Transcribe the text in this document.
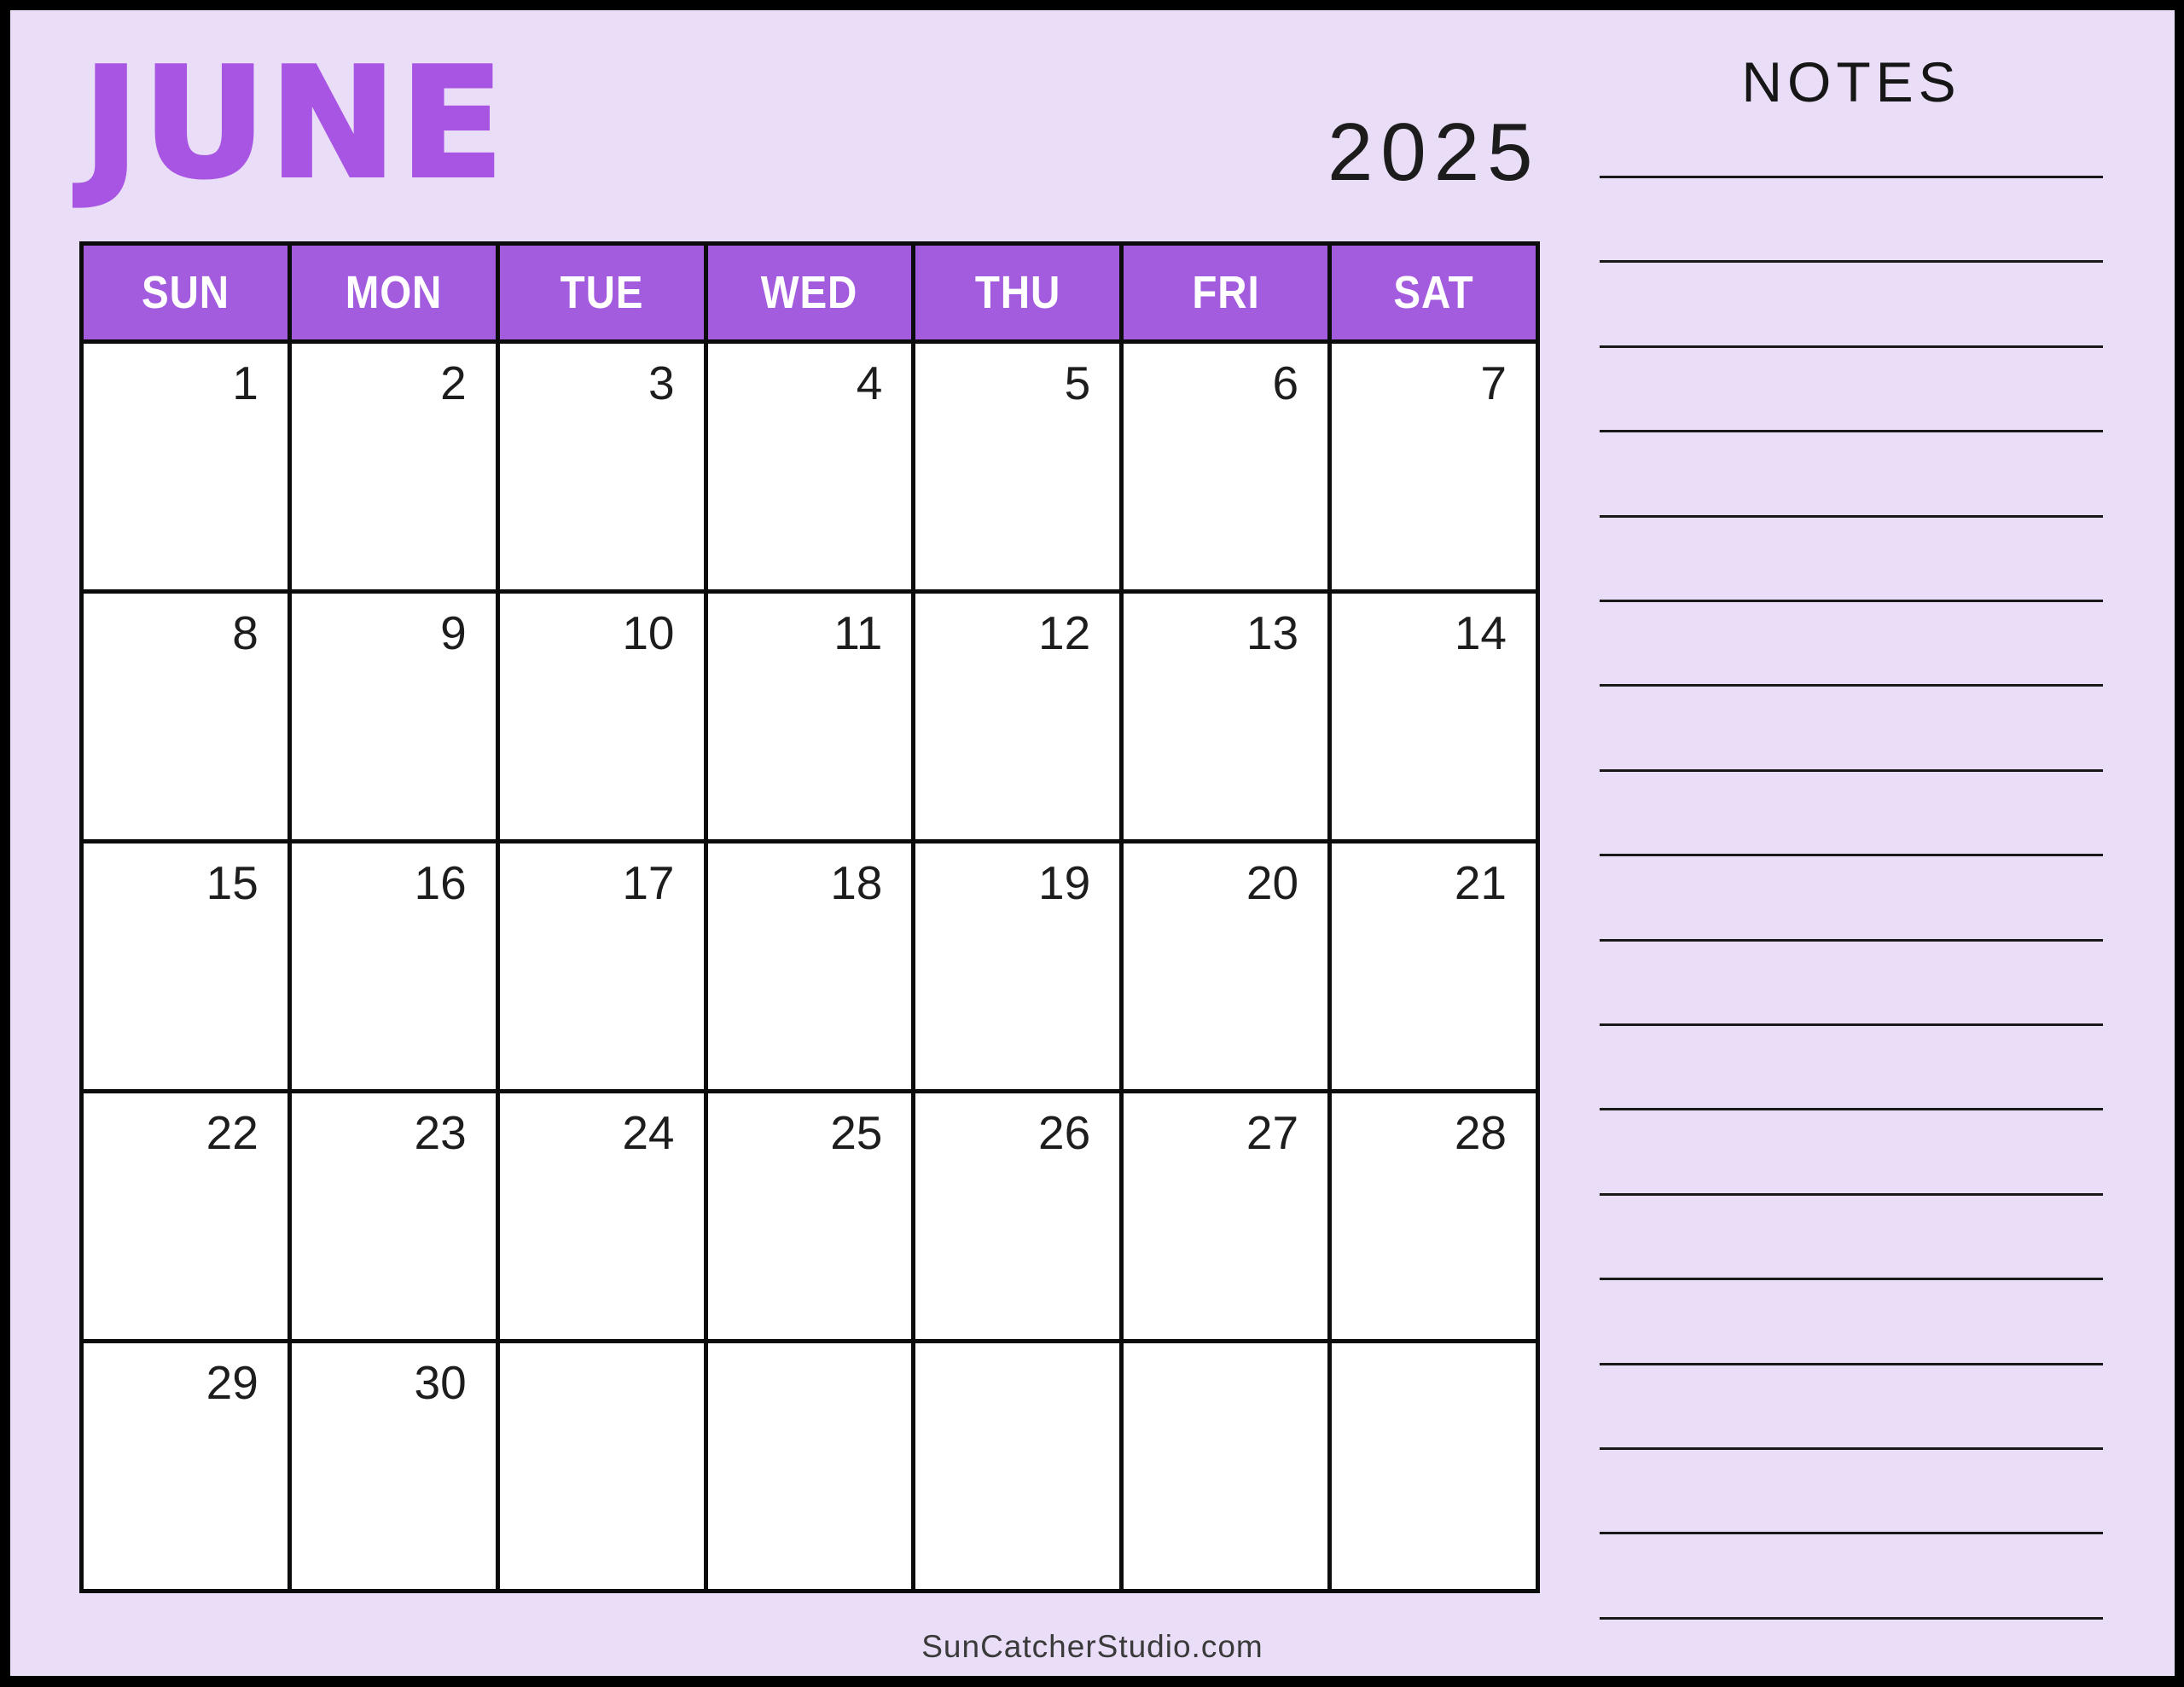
JUNE	2025
NOTES
SUN	MON	TUE	WED	THU	FRI	SAT
1	2	3	4	5	6	7
8	9	10	11	12	13	14
15	16	17	18	19	20	21
22	23	24	25	26	27	28
29	30					
SunCatcherStudio.com
